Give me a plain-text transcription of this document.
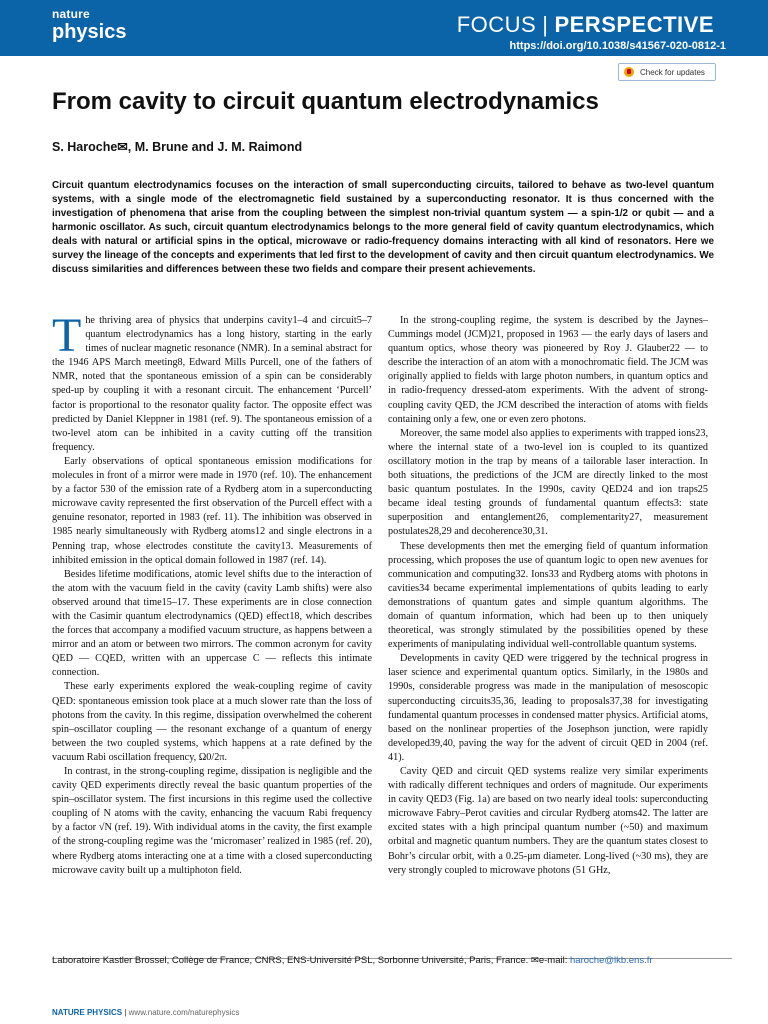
nature
physics	FOCUS | PERSPECTIVE
https://doi.org/10.1038/s41567-020-0812-1
Check for updates
From cavity to circuit quantum electrodynamics
S. Haroche✉, M. Brune and J. M. Raimond
Circuit quantum electrodynamics focuses on the interaction of small superconducting circuits, tailored to behave as two-level quantum systems, with a single mode of the electromagnetic field sustained by a superconducting resonator. It is thus concerned with the investigation of phenomena that arise from the coupling between the simplest non-trivial quantum system — a spin-1/2 or qubit — and a harmonic oscillator. As such, circuit quantum electrodynamics belongs to the more general field of cavity quantum electrodynamics, which deals with natural or artificial spins in the optical, microwave or radio-frequency domains interacting with all kind of resonators. Here we survey the lineage of the concepts and experiments that led first to the development of cavity and then circuit quantum electrodynamics. We discuss similarities and differences between these two fields and compare their present achievements.

The thriving area of physics that underpins cavity1–4 and circuit5–7 quantum electrodynamics has a long history, starting in the early times of nuclear magnetic resonance (NMR). In a seminal abstract for the 1946 APS March meeting8, Edward Mills Purcell, one of the fathers of NMR, noted that the spontaneous emission of a spin can be considerably sped-up by coupling it with a resonant circuit. The enhancement ‘Purcell’ factor is proportional to the resonator quality factor. The opposite effect was predicted by Daniel Kleppner in 1981 (ref. 9). The spontaneous emission of a two-level atom can be inhibited in a cavity cutting off the transition frequency.

Early observations of optical spontaneous emission modifications for molecules in front of a mirror were made in 1970 (ref. 10). The enhancement by a factor 530 of the emission rate of a Rydberg atom in a superconducting microwave cavity represented the first observation of the Purcell effect with a genuine resonator, reported in 1983 (ref. 11). The inhibition was observed in 1985 nearly simultaneously with Rydberg atoms12 and single electrons in a Penning trap, whose electrodes constitute the cavity13. Measurements of inhibited emission in the optical domain followed in 1987 (ref. 14).

Besides lifetime modifications, atomic level shifts due to the interaction of the atom with the vacuum field in the cavity (cavity Lamb shifts) were also observed around that time15–17. These experiments are in close connection with the Casimir quantum electrodynamics (QED) effect18, which describes the forces that accompany a modified vacuum structure, as happens between a mirror and an atom or between two mirrors. The common acronym for cavity QED — CQED, written with an uppercase C — reflects this intimate connection.

These early experiments explored the weak-coupling regime of cavity QED: spontaneous emission took place at a much slower rate than the loss of photons from the cavity. In this regime, dissipation overwhelmed the coherent spin–oscillator coupling — the resonant exchange of a quantum of energy between the two coupled systems, which happens at a rate defined by the vacuum Rabi oscillation frequency, Ω0/2π.

In contrast, in the strong-coupling regime, dissipation is negligible and the cavity QED experiments directly reveal the basic quantum properties of the spin–oscillator system. The first incursions in this regime used the collective coupling of N atoms with the cavity, enhancing the vacuum Rabi frequency by a factor √N (ref. 19). With individual atoms in the cavity, the first example of the strong-coupling regime was the ‘micromaser’ realized in 1985 (ref. 20), where Rydberg atoms interacting one at a time with a closed superconducting microwave cavity built up a multiphoton field.

In the strong-coupling regime, the system is described by the Jaynes–Cummings model (JCM)21, proposed in 1963 — the early days of lasers and quantum optics, whose theory was pioneered by Roy J. Glauber22 — to describe the interaction of an atom with a monochromatic field. The JCM was originally applied to fields with large photon numbers, in quantum optics and in radio-frequency dressed-atom experiments. With the advent of strong-coupling cavity QED, the JCM described the interaction of atoms with fields containing only a few, one or even zero photons.

Moreover, the same model also applies to experiments with trapped ions23, where the internal state of a two-level ion is coupled to its quantized oscillatory motion in the trap by means of a tailorable laser interaction. In both situations, the predictions of the JCM are directly linked to the most basic quantum postulates. In the 1990s, cavity QED24 and ion traps25 became ideal testing grounds of fundamental quantum effects3: state superposition and entanglement26, complementarity27, measurement postulates28,29 and decoherence30,31.

These developments then met the emerging field of quantum information processing, which proposes the use of quantum logic to open new avenues for communication and computing32. Ions33 and Rydberg atoms with photons in cavities34 became experimental implementations of qubits leading to early demonstrations of quantum gates and simple quantum algorithms. The domain of quantum information, which had been up to then uniquely theoretical, was strongly stimulated by the possibilities opened by these experiments of manipulating individual well-controllable quantum systems.

Developments in cavity QED were triggered by the technical progress in laser science and experimental quantum optics. Similarly, in the 1980s and 1990s, considerable progress was made in the manipulation of mesoscopic superconducting circuits35,36, leading to proposals37,38 for investigating fundamental quantum processes in condensed matter physics. Artificial atoms, based on the nonlinear properties of the Josephson junction, were rapidly developed39,40, paving the way for the advent of circuit QED in 2004 (ref. 41).

Cavity QED and circuit QED systems realize very similar experiments with radically different techniques and orders of magnitude. Our experiments in cavity QED3 (Fig. 1a) are based on two nearly ideal tools: superconducting microwave Fabry–Perot cavities and circular Rydberg atoms42. The latter are excited states with a high principal quantum number (~50) and maximum orbital and magnetic quantum numbers. They are the quantum states closest to Bohr’s circular orbit, with a 0.25-μm diameter. Long-lived (~30 ms), they are very strongly coupled to microwave photons (51 GHz,

Laboratoire Kastler Brossel, Collège de France, CNRS, ENS-Université PSL, Sorbonne Université, Paris, France. ✉e-mail: haroche@lkb.ens.fr
NATURE PHYSICS | www.nature.com/naturephysics
